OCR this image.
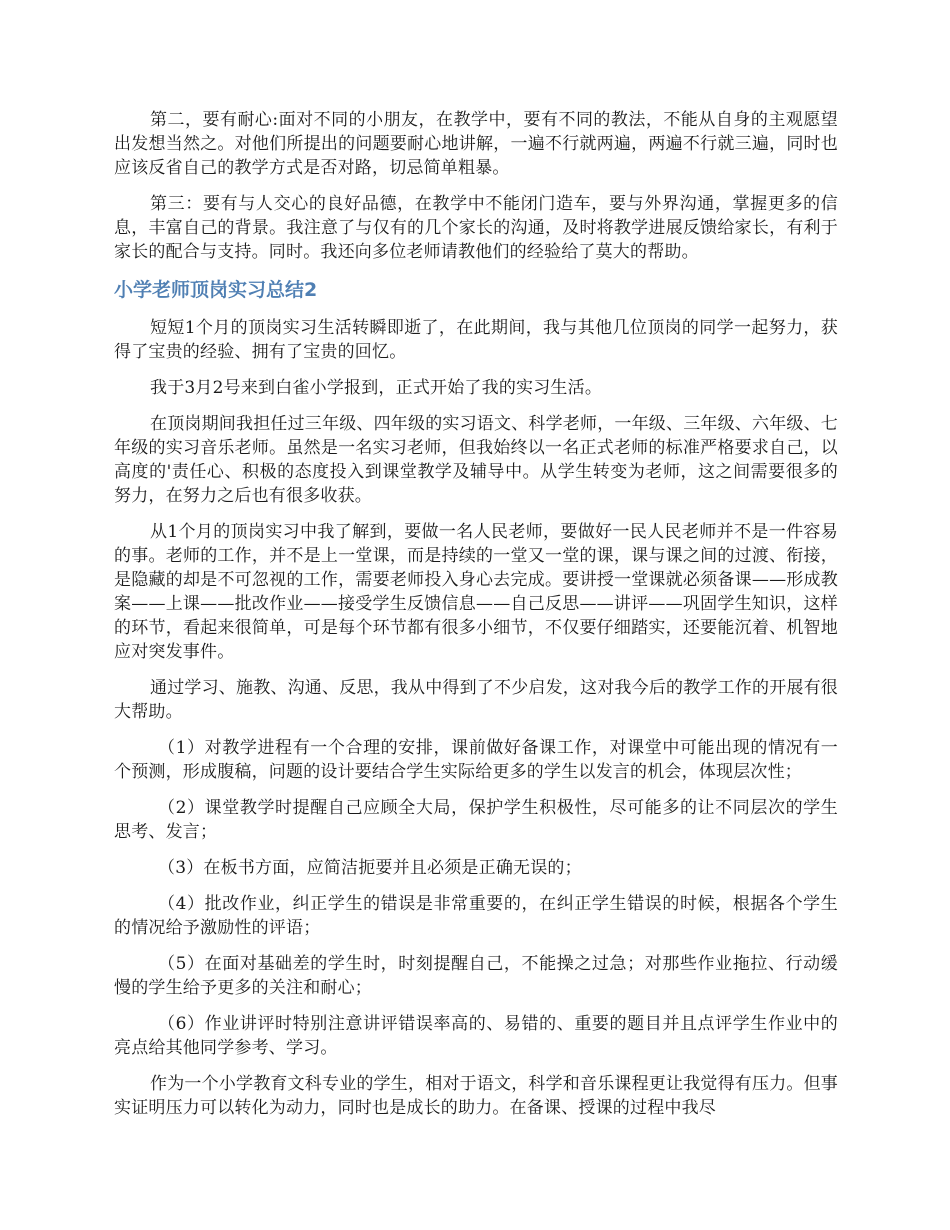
第二，要有耐心:面对不同的小朋友，在教学中，要有不同的教法，不能从自身的主观愿望出发想当然之。对他们所提出的问题要耐心地讲解，一遍不行就两遍，两遍不行就三遍，同时也应该反省自己的教学方式是否对路，切忌简单粗暴。

第三：要有与人交心的良好品德，在教学中不能闭门造车，要与外界沟通，掌握更多的信息，丰富自己的背景。我注意了与仅有的几个家长的沟通，及时将教学进展反馈给家长，有利于家长的配合与支持。同时。我还向多位老师请教他们的经验给了莫大的帮助。

小学老师顶岗实习总结2

短短1个月的顶岗实习生活转瞬即逝了，在此期间，我与其他几位顶岗的同学一起努力，获得了宝贵的经验、拥有了宝贵的回忆。

我于3月2号来到白雀小学报到，正式开始了我的实习生活。

在顶岗期间我担任过三年级、四年级的实习语文、科学老师，一年级、三年级、六年级、七年级的实习音乐老师。虽然是一名实习老师，但我始终以一名正式老师的标准严格要求自己，以高度的'责任心、积极的态度投入到课堂教学及辅导中。从学生转变为老师，这之间需要很多的努力，在努力之后也有很多收获。

从1个月的顶岗实习中我了解到，要做一名人民老师，要做好一民人民老师并不是一件容易的事。老师的工作，并不是上一堂课，而是持续的一堂又一堂的课，课与课之间的过渡、衔接，是隐藏的却是不可忽视的工作，需要老师投入身心去完成。要讲授一堂课就必须备课——形成教案——上课——批改作业——接受学生反馈信息——自己反思——讲评——巩固学生知识，这样的环节，看起来很简单，可是每个环节都有很多小细节，不仅要仔细踏实，还要能沉着、机智地应对突发事件。

通过学习、施教、沟通、反思，我从中得到了不少启发，这对我今后的教学工作的开展有很大帮助。

（1）对教学进程有一个合理的安排，课前做好备课工作，对课堂中可能出现的情况有一个预测，形成腹稿，问题的设计要结合学生实际给更多的学生以发言的机会，体现层次性；

（2）课堂教学时提醒自己应顾全大局，保护学生积极性，尽可能多的让不同层次的学生思考、发言；

（3）在板书方面，应简洁扼要并且必须是正确无误的；

（4）批改作业，纠正学生的错误是非常重要的，在纠正学生错误的时候，根据各个学生的情况给予激励性的评语；

（5）在面对基础差的学生时，时刻提醒自己，不能操之过急；对那些作业拖拉、行动缓慢的学生给予更多的关注和耐心；

（6）作业讲评时特别注意讲评错误率高的、易错的、重要的题目并且点评学生作业中的亮点给其他同学参考、学习。

作为一个小学教育文科专业的学生，相对于语文，科学和音乐课程更让我觉得有压力。但事实证明压力可以转化为动力，同时也是成长的助力。在备课、授课的过程中我尽
